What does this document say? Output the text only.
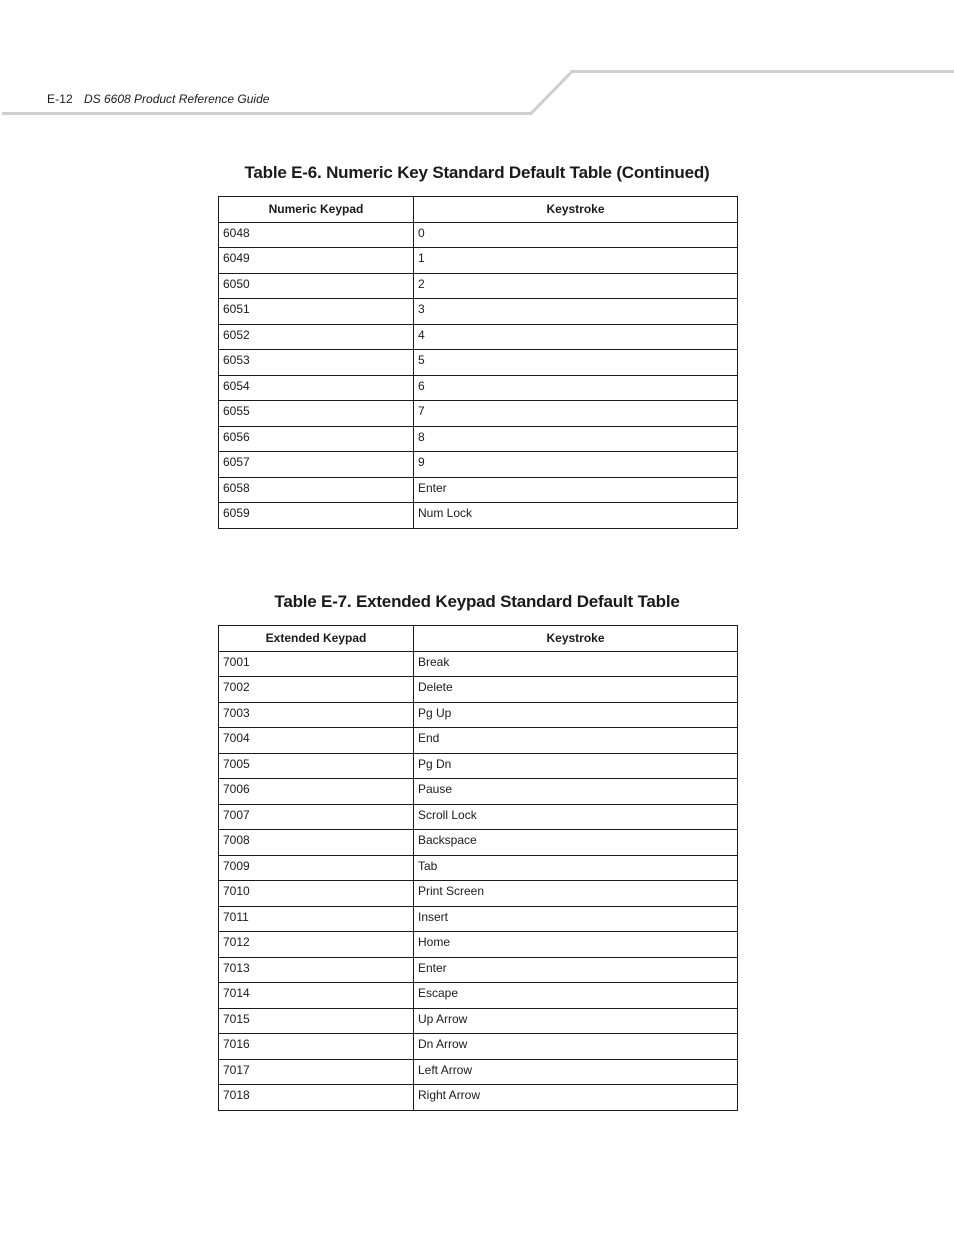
E-12 DS 6608 Product Reference Guide
Table E-6. Numeric Key Standard Default Table (Continued)
Numeric Keypad	Keystroke
6048	0
6049	1
6050	2
6051	3
6052	4
6053	5
6054	6
6055	7
6056	8
6057	9
6058	Enter
6059	Num Lock
Table E-7. Extended Keypad Standard Default Table
Extended Keypad	Keystroke
7001	Break
7002	Delete
7003	Pg Up
7004	End
7005	Pg Dn
7006	Pause
7007	Scroll Lock
7008	Backspace
7009	Tab
7010	Print Screen
7011	Insert
7012	Home
7013	Enter
7014	Escape
7015	Up Arrow
7016	Dn Arrow
7017	Left Arrow
7018	Right Arrow
